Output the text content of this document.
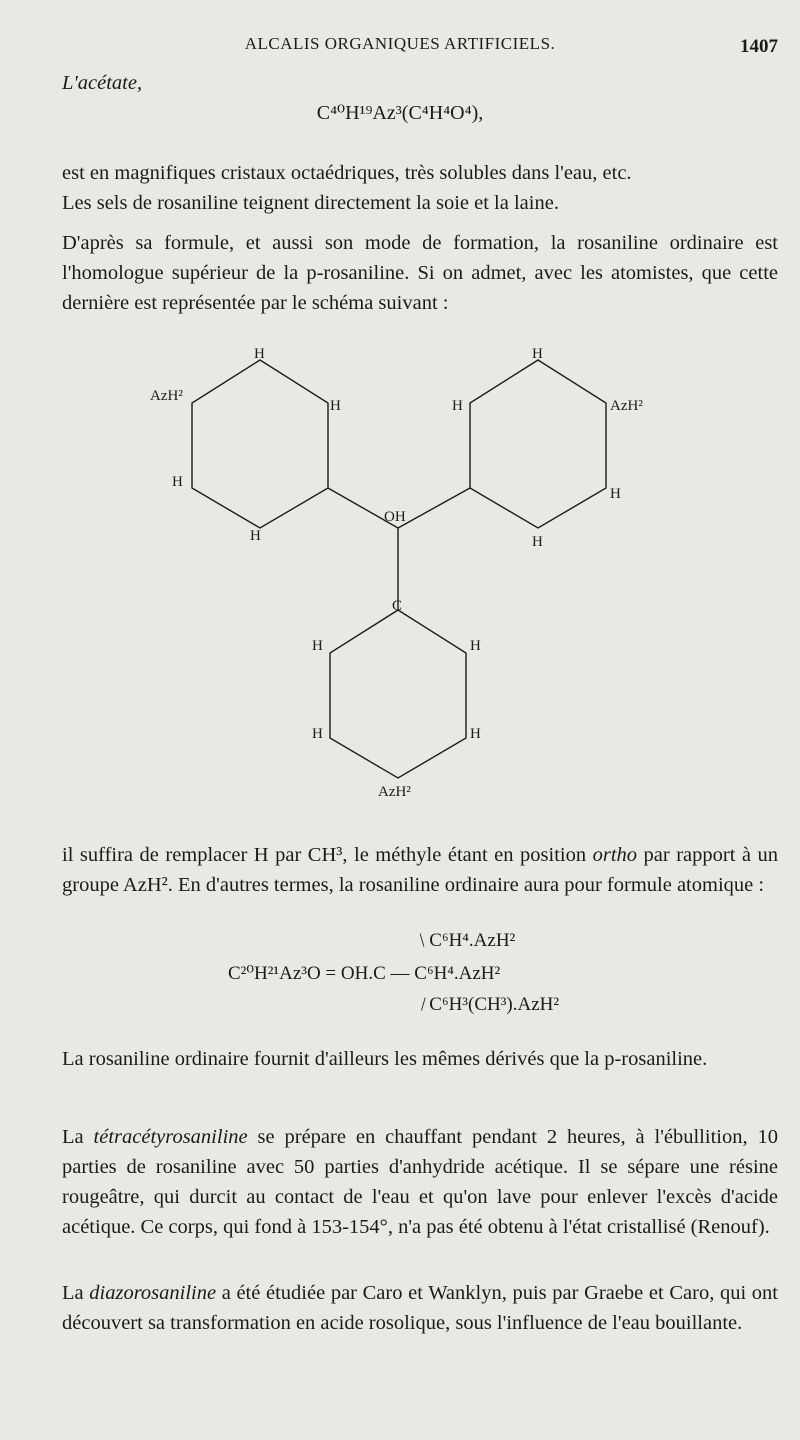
ALCALIS ORGANIQUES ARTIFICIELS.	1407
L'acétate,
C⁴⁰H¹⁹Az³(C⁴H⁴O⁴),
est en magnifiques cristaux octaédriques, très solubles dans l'eau, etc.
Les sels de rosaniline teignent directement la soie et la laine.
D'après sa formule, et aussi son mode de formation, la rosaniline ordinaire est l'homologue supérieur de la p-rosaniline. Si on admet, avec les atomistes, que cette dernière est représentée par le schéma suivant :
H
AzH²
H
H
H
H
H	AzH²
H
H
OH
C
H	H
H	H
AzH²
il suffira de remplacer H par CH³, le méthyle étant en position ortho par rapport à un groupe AzH². En d'autres termes, la rosaniline ordinaire aura pour formule atomique :
/C⁶H⁴.AzH²
C²⁰H²¹Az³O = OH.C — C⁶H⁴.AzH²
\C⁶H³(CH³).AzH²
La rosaniline ordinaire fournit d'ailleurs les mêmes dérivés que la p-rosaniline.
La tétracétyrosaniline se prépare en chauffant pendant 2 heures, à l'ébullition, 10 parties de rosaniline avec 50 parties d'anhydride acétique. Il se sépare une résine rougeâtre, qui durcit au contact de l'eau et qu'on lave pour enlever l'excès d'acide acétique. Ce corps, qui fond à 153-154°, n'a pas été obtenu à l'état cristallisé (Renouf).
La diazorosaniline a été étudiée par Caro et Wanklyn, puis par Graebe et Caro, qui ont découvert sa transformation en acide rosolique, sous l'influence de l'eau bouillante.
